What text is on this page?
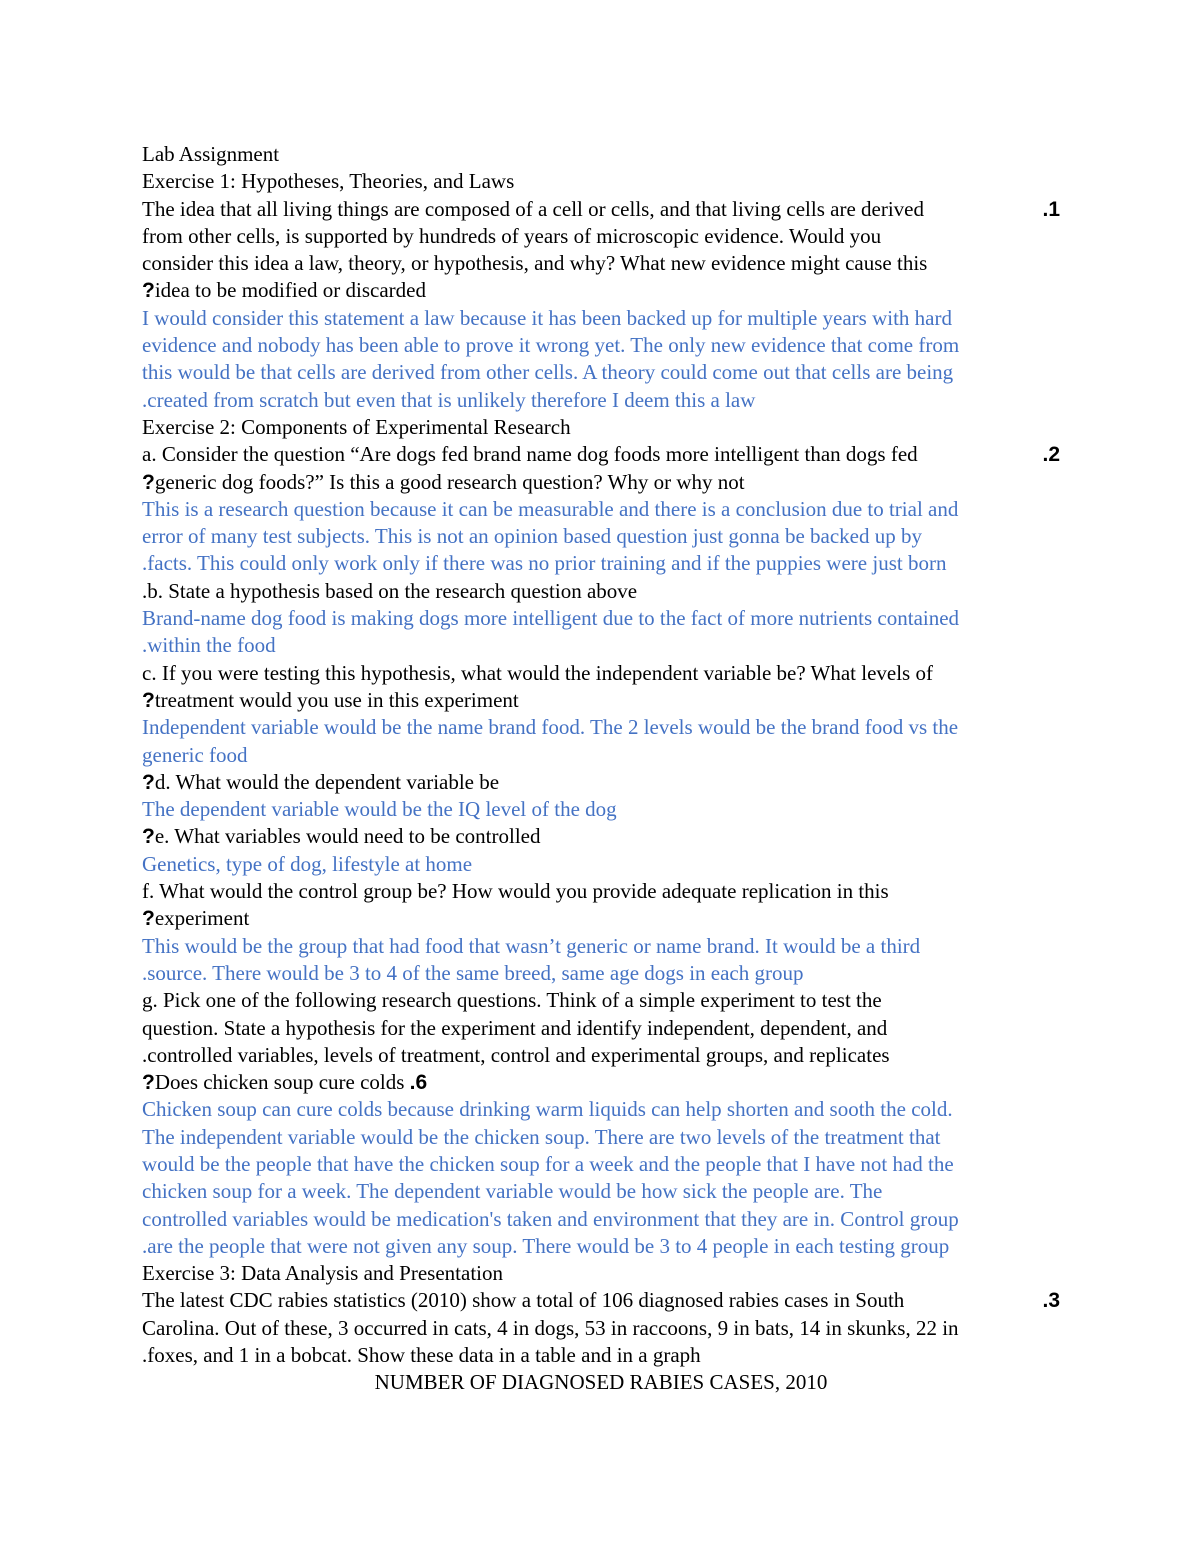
Lab Assignment
Exercise 1: Hypotheses, Theories, and Laws
.1
The idea that all living things are composed of a cell or cells, and that living cells are derived
from other cells, is supported by hundreds of years of microscopic evidence. Would you
consider this idea a law, theory, or hypothesis, and why? What new evidence might cause this
?idea to be modified or discarded
I would consider this statement a law because it has been backed up for multiple years with hard
evidence and nobody has been able to prove it wrong yet. The only new evidence that come from
this would be that cells are derived from other cells. A theory could come out that cells are being
.created from scratch but even that is unlikely therefore I deem this a law
Exercise 2: Components of Experimental Research
.2
a. Consider the question “Are dogs fed brand name dog foods more intelligent than dogs fed
?generic dog foods?” Is this a good research question? Why or why not
This is a research question because it can be measurable and there is a conclusion due to trial and
error of many test subjects. This is not an opinion based question just gonna be backed up by
.facts. This could only work only if there was no prior training and if the puppies were just born
.b. State a hypothesis based on the research question above
Brand-name dog food is making dogs more intelligent due to the fact of more nutrients contained
.within the food
c. If you were testing this hypothesis, what would the independent variable be? What levels of
?treatment would you use in this experiment
Independent variable would be the name brand food. The 2 levels would be the brand food vs the
generic food
?d. What would the dependent variable be
The dependent variable would be the IQ level of the dog
?e. What variables would need to be controlled
Genetics, type of dog, lifestyle at home
f. What would the control group be? How would you provide adequate replication in this
?experiment
This would be the group that had food that wasn’t generic or name brand. It would be a third
.source. There would be 3 to 4 of the same breed, same age dogs in each group
g. Pick one of the following research questions. Think of a simple experiment to test the
question. State a hypothesis for the experiment and identify independent, dependent, and
.controlled variables, levels of treatment, control and experimental groups, and replicates
?Does chicken soup cure colds .6
Chicken soup can cure colds because drinking warm liquids can help shorten and sooth the cold.
The independent variable would be the chicken soup. There are two levels of the treatment that
would be the people that have the chicken soup for a week and the people that I have not had the
chicken soup for a week. The dependent variable would be how sick the people are. The
controlled variables would be medication's taken and environment that they are in. Control group
.are the people that were not given any soup. There would be 3 to 4 people in each testing group
Exercise 3: Data Analysis and Presentation
.3
The latest CDC rabies statistics (2010) show a total of 106 diagnosed rabies cases in South
Carolina. Out of these, 3 occurred in cats, 4 in dogs, 53 in raccoons, 9 in bats, 14 in skunks, 22 in
.foxes, and 1 in a bobcat. Show these data in a table and in a graph
NUMBER OF DIAGNOSED RABIES CASES, 2010
